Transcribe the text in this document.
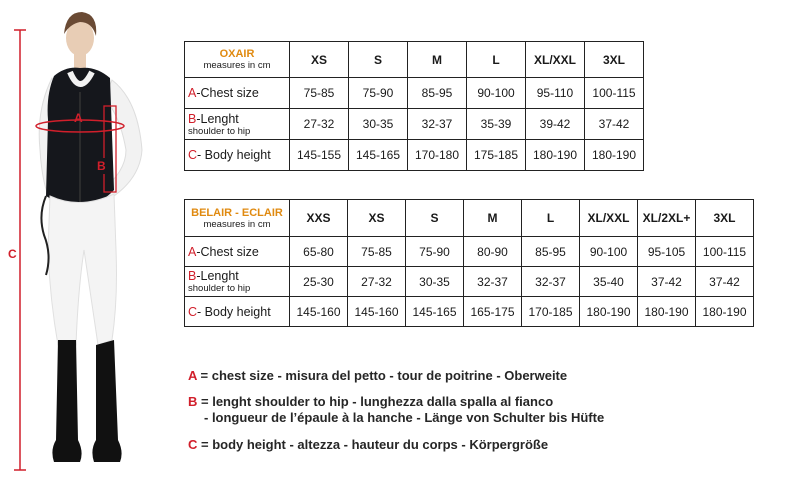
C
A
B
OXAIR
measures in cm	XS	S	M	L	XL/XXL	3XL
A-Chest size	75-85	75-90	85-95	90-100	95-110	100-115

B-Lenght
shoulder to hip	27-32	30-35	32-37	35-39	39-42	37-42
C- Body height	145-155	145-165	170-180	175-185	180-190	180-190
BELAIR - ECLAIR
measures in cm	XXS	XS	S	M	L	XL/XXL	XL/2XL+	3XL
A-Chest size	65-80	75-85	75-90	80-90	85-95	90-100	95-105	100-115

B-Lenght
shoulder to hip	25-30	27-32	30-35	32-37	32-37	35-40	37-42	37-42
C- Body height	145-160	145-160	145-165	165-175	170-185	180-190	180-190	180-190
A = chest size - misura del petto - tour de poitrine - Oberweite
B = lenght shoulder to hip - lunghezza dalla spalla al fianco
- longueur de l’épaule à la hanche - Länge von Schulter bis Hüfte
C = body height - altezza - hauteur du corps - Körpergröße
